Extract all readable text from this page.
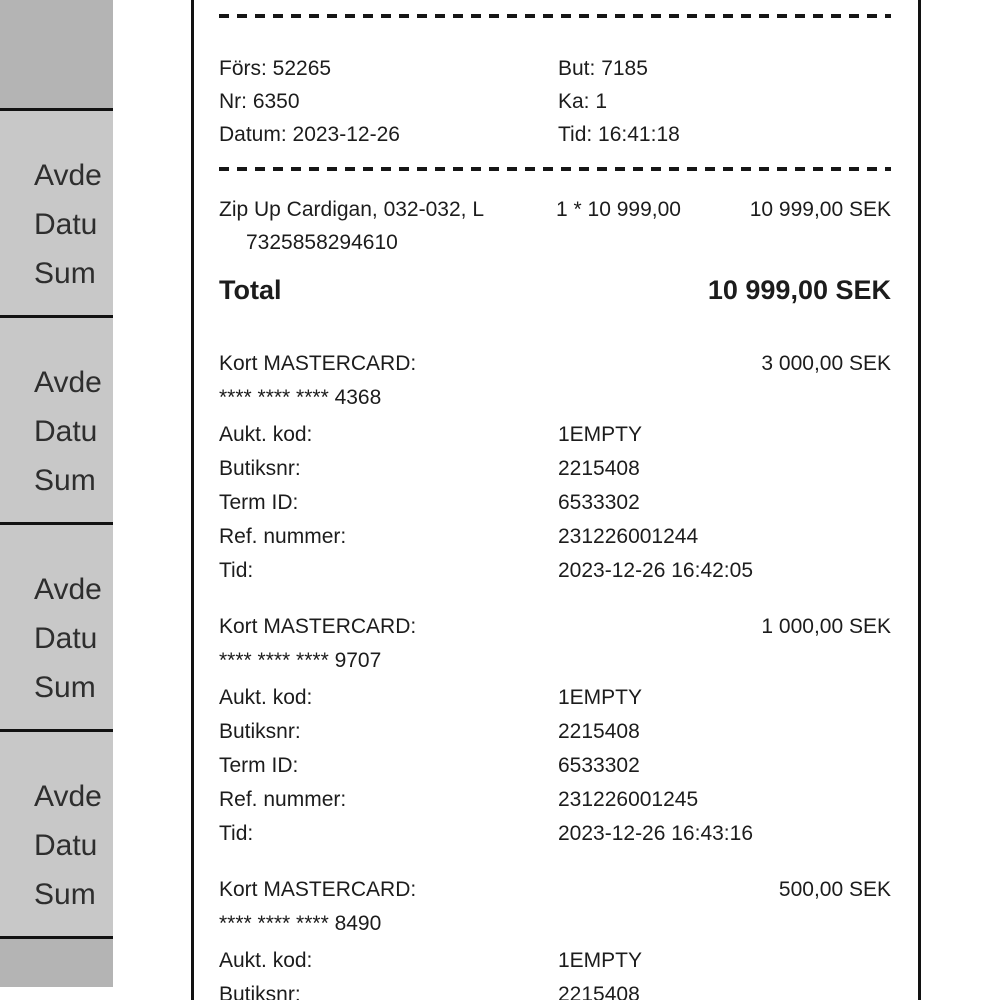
Avde
Datu
Sum
Avde
Datu
Sum
Avde
Datu
Sum
Avde
Datu
Sum
Förs: 52265	But: 7185
Nr: 6350	Ka: 1
Datum: 2023-12-26	Tid: 16:41:18
Zip Up Cardigan, 032-032, L	1 * 10 999,00	10 999,00 SEK
7325858294610
Total	10 999,00 SEK
Kort MASTERCARD:	3 000,00 SEK
**** **** **** 4368
Aukt. kod:	1EMPTY
Butiksnr:	2215408
Term ID:	6533302
Ref. nummer:	231226001244
Tid:	2023-12-26 16:42:05
Kort MASTERCARD:	1 000,00 SEK
**** **** **** 9707
Aukt. kod:	1EMPTY
Butiksnr:	2215408
Term ID:	6533302
Ref. nummer:	231226001245
Tid:	2023-12-26 16:43:16
Kort MASTERCARD:	500,00 SEK
**** **** **** 8490
Aukt. kod:	1EMPTY
Butiksnr:	2215408
